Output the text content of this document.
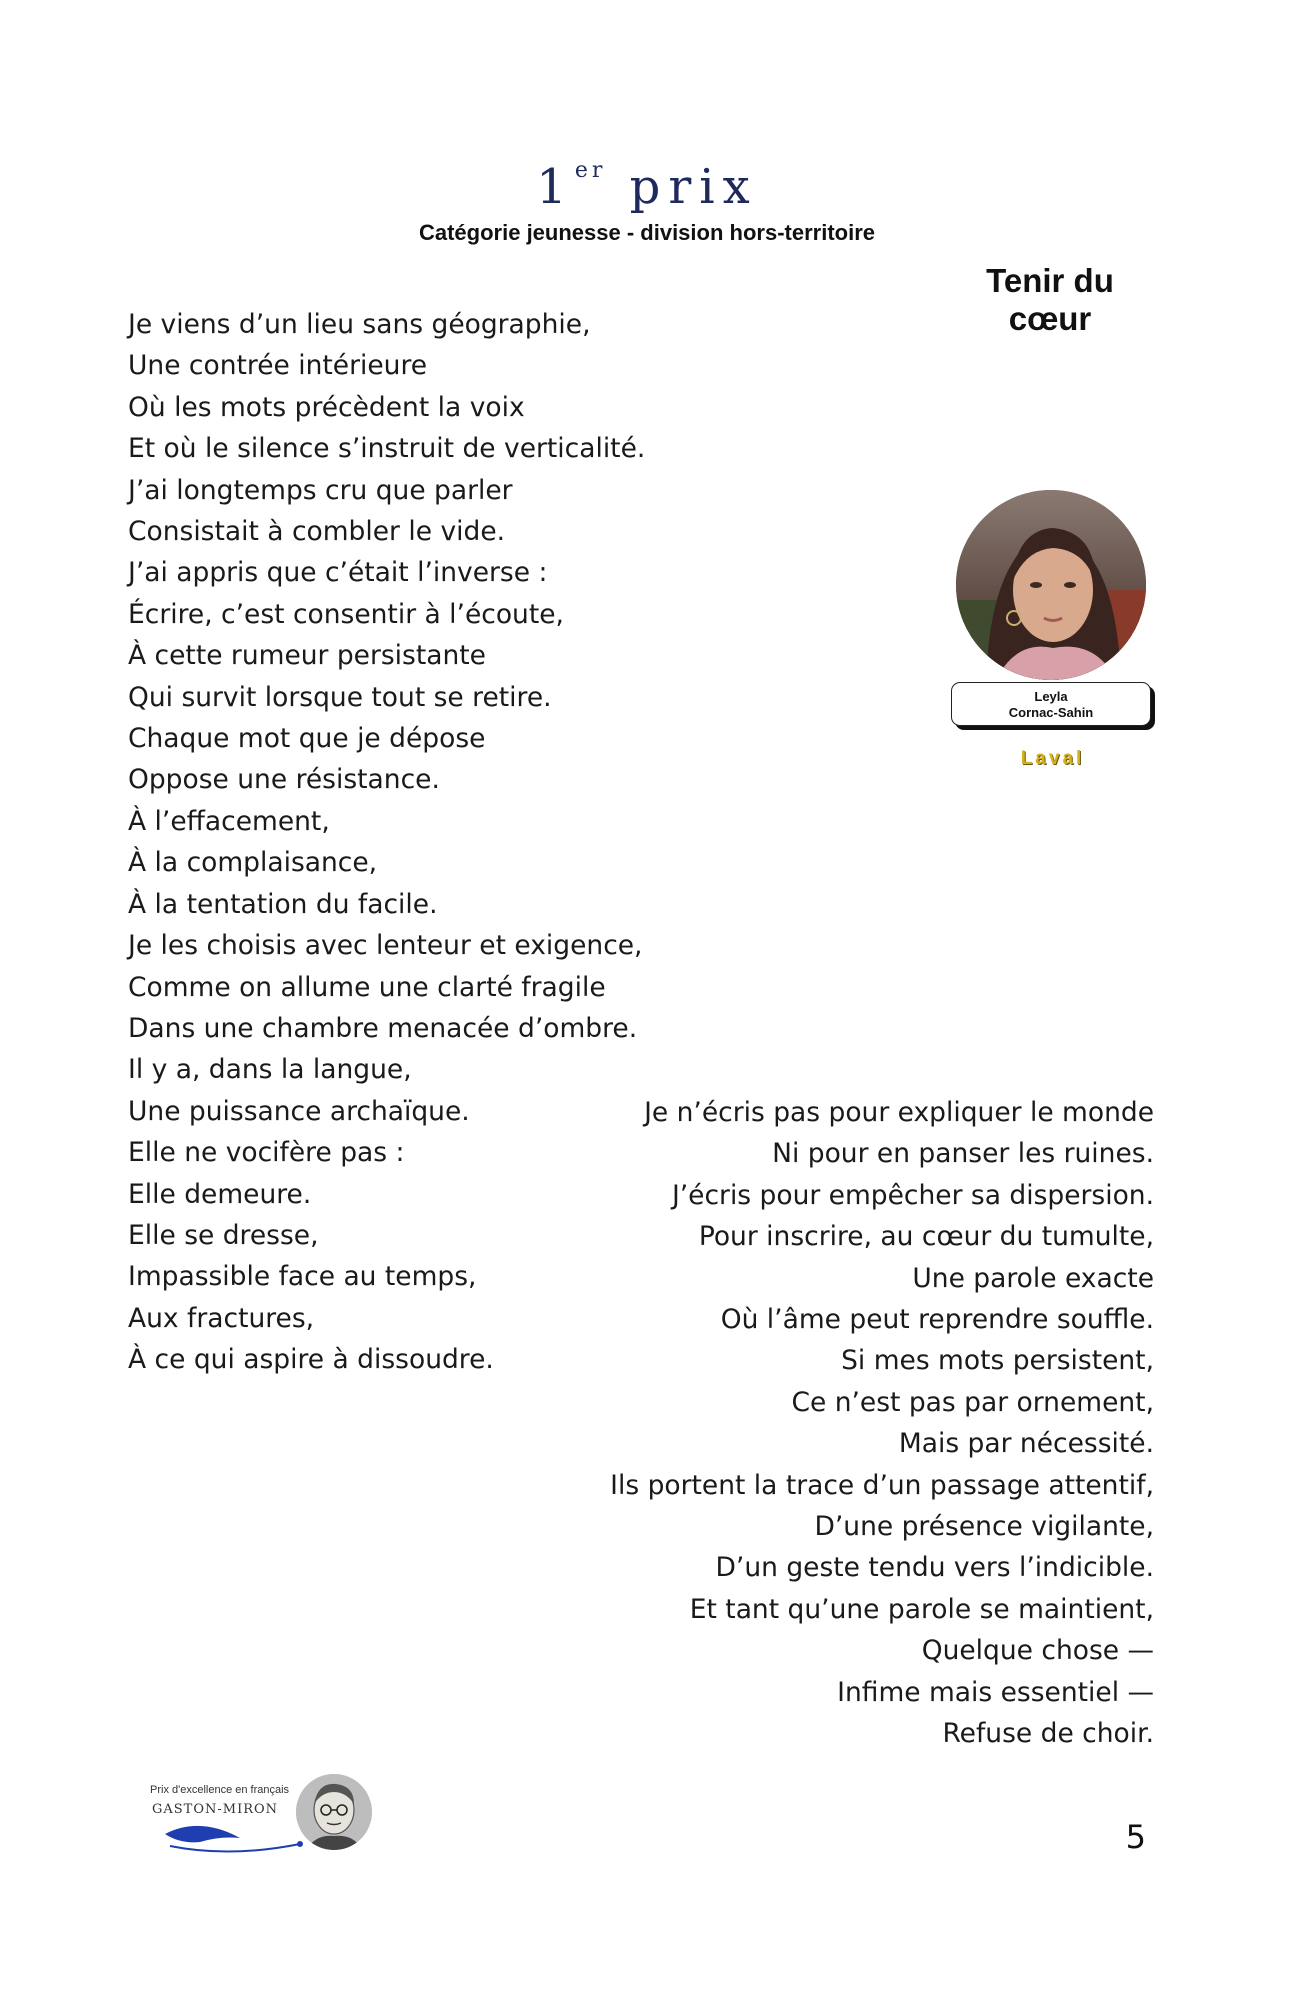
1er prix
Catégorie jeunesse - division hors-territoire
Tenir du
cœur
Je viens d’un lieu sans géographie,
Une contrée intérieure
Où les mots précèdent la voix
Et où le silence s’instruit de verticalité.
J’ai longtemps cru que parler
Consistait à combler le vide.
J’ai appris que c’était l’inverse :
Écrire, c’est consentir à l’écoute,
À cette rumeur persistante
Qui survit lorsque tout se retire.
Chaque mot que je dépose
Oppose une résistance.
À l’effacement,
À la complaisance,
À la tentation du facile.
Je les choisis avec lenteur et exigence,
Comme on allume une clarté fragile
Dans une chambre menacée d’ombre.
Il y a, dans la langue,
Une puissance archaïque.
Elle ne vocifère pas :
Elle demeure.
Elle se dresse,
Impassible face au temps,
Aux fractures,
À ce qui aspire à dissoudre.
Je n’écris pas pour expliquer le monde
Ni pour en panser les ruines.
J’écris pour empêcher sa dispersion.
Pour inscrire, au cœur du tumulte,
Une parole exacte
Où l’âme peut reprendre souffle.
Si mes mots persistent,
Ce n’est pas par ornement,
Mais par nécessité.
Ils portent la trace d’un passage attentif,
D’une présence vigilante,
D’un geste tendu vers l’indicible.
Et tant qu’une parole se maintient,
Quelque chose —
Infime mais essentiel —
Refuse de choir.
Leyla
Cornac-Sahin
Laval
Prix d'excellence en français
GASTON-MIRON
5
